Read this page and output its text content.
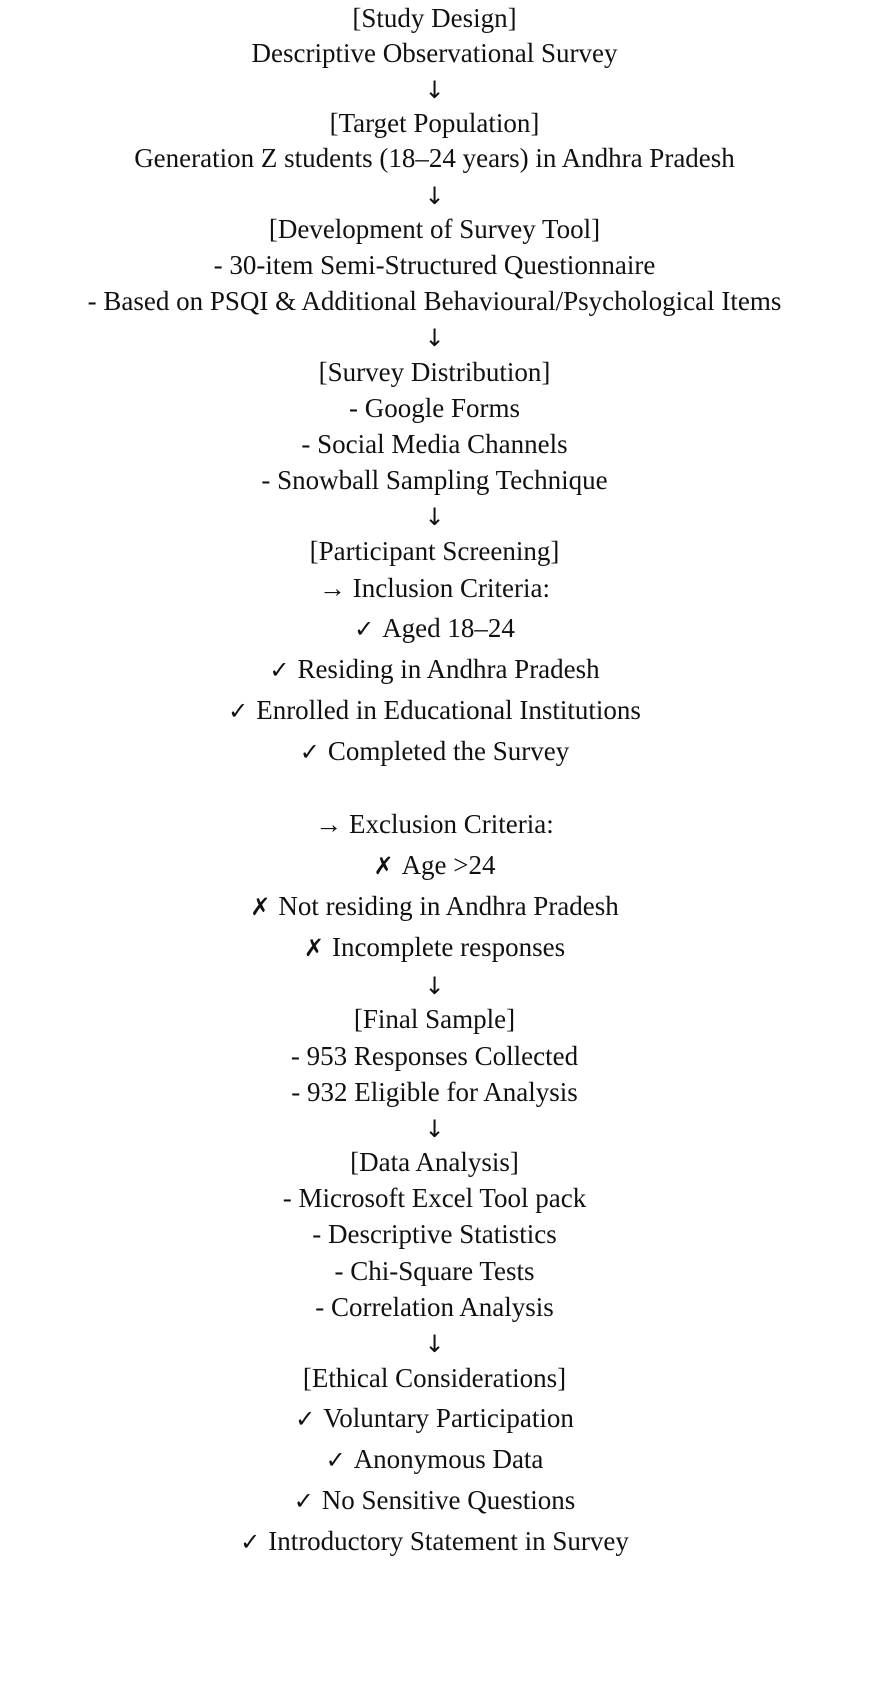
[Study Design]
Descriptive Observational Survey
↓
[Target Population]
Generation Z students (18–24 years) in Andhra Pradesh
↓
[Development of Survey Tool]
- 30-item Semi-Structured Questionnaire
- Based on PSQI & Additional Behavioural/Psychological Items
↓
[Survey Distribution]
- Google Forms
- Social Media Channels
- Snowball Sampling Technique
↓
[Participant Screening]
→ Inclusion Criteria:
✓ Aged 18–24
✓ Residing in Andhra Pradesh
✓ Enrolled in Educational Institutions
✓ Completed the Survey
→ Exclusion Criteria:
✗ Age >24
✗ Not residing in Andhra Pradesh
✗ Incomplete responses
↓
[Final Sample]
- 953 Responses Collected
- 932 Eligible for Analysis
↓
[Data Analysis]
- Microsoft Excel Tool pack
- Descriptive Statistics
- Chi-Square Tests
- Correlation Analysis
↓
[Ethical Considerations]
✓ Voluntary Participation
✓ Anonymous Data
✓ No Sensitive Questions
✓ Introductory Statement in Survey
